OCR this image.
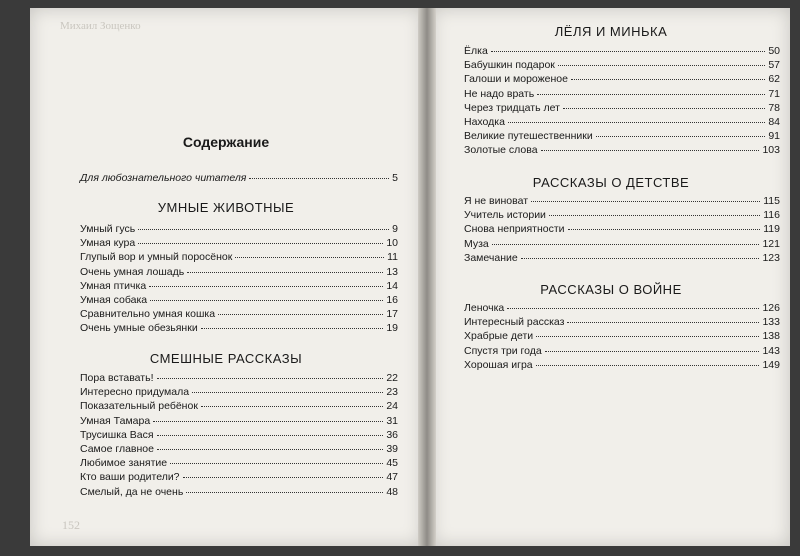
Михаил Зощенко
152
Содержание
Для любознательного читателя	5
УМНЫЕ ЖИВОТНЫЕ
Умный гусь	9
Умная кура	10
Глупый вор и умный поросёнок	11
Очень умная лошадь	13
Умная птичка	14
Умная собака	16
Сравнительно умная кошка	17
Очень умные обезьянки	19
СМЕШНЫЕ РАССКАЗЫ
Пора вставать!	22
Интересно придумала	23
Показательный ребёнок	24
Умная Тамара	31
Трусишка Вася	36
Самое главное	39
Любимое занятие	45
Кто ваши родители?	47
Смелый, да не очень	48
ЛЁЛЯ И МИНЬКА
Ёлка	50
Бабушкин подарок	57
Галоши и мороженое	62
Не надо врать	71
Через тридцать лет	78
Находка	84
Великие путешественники	91
Золотые слова	103
РАССКАЗЫ О ДЕТСТВЕ
Я не виноват	115
Учитель истории	116
Снова неприятности	119
Муза	121
Замечание	123
РАССКАЗЫ О ВОЙНЕ
Леночка	126
Интересный рассказ	133
Храбрые дети	138
Спустя три года	143
Хорошая игра	149
